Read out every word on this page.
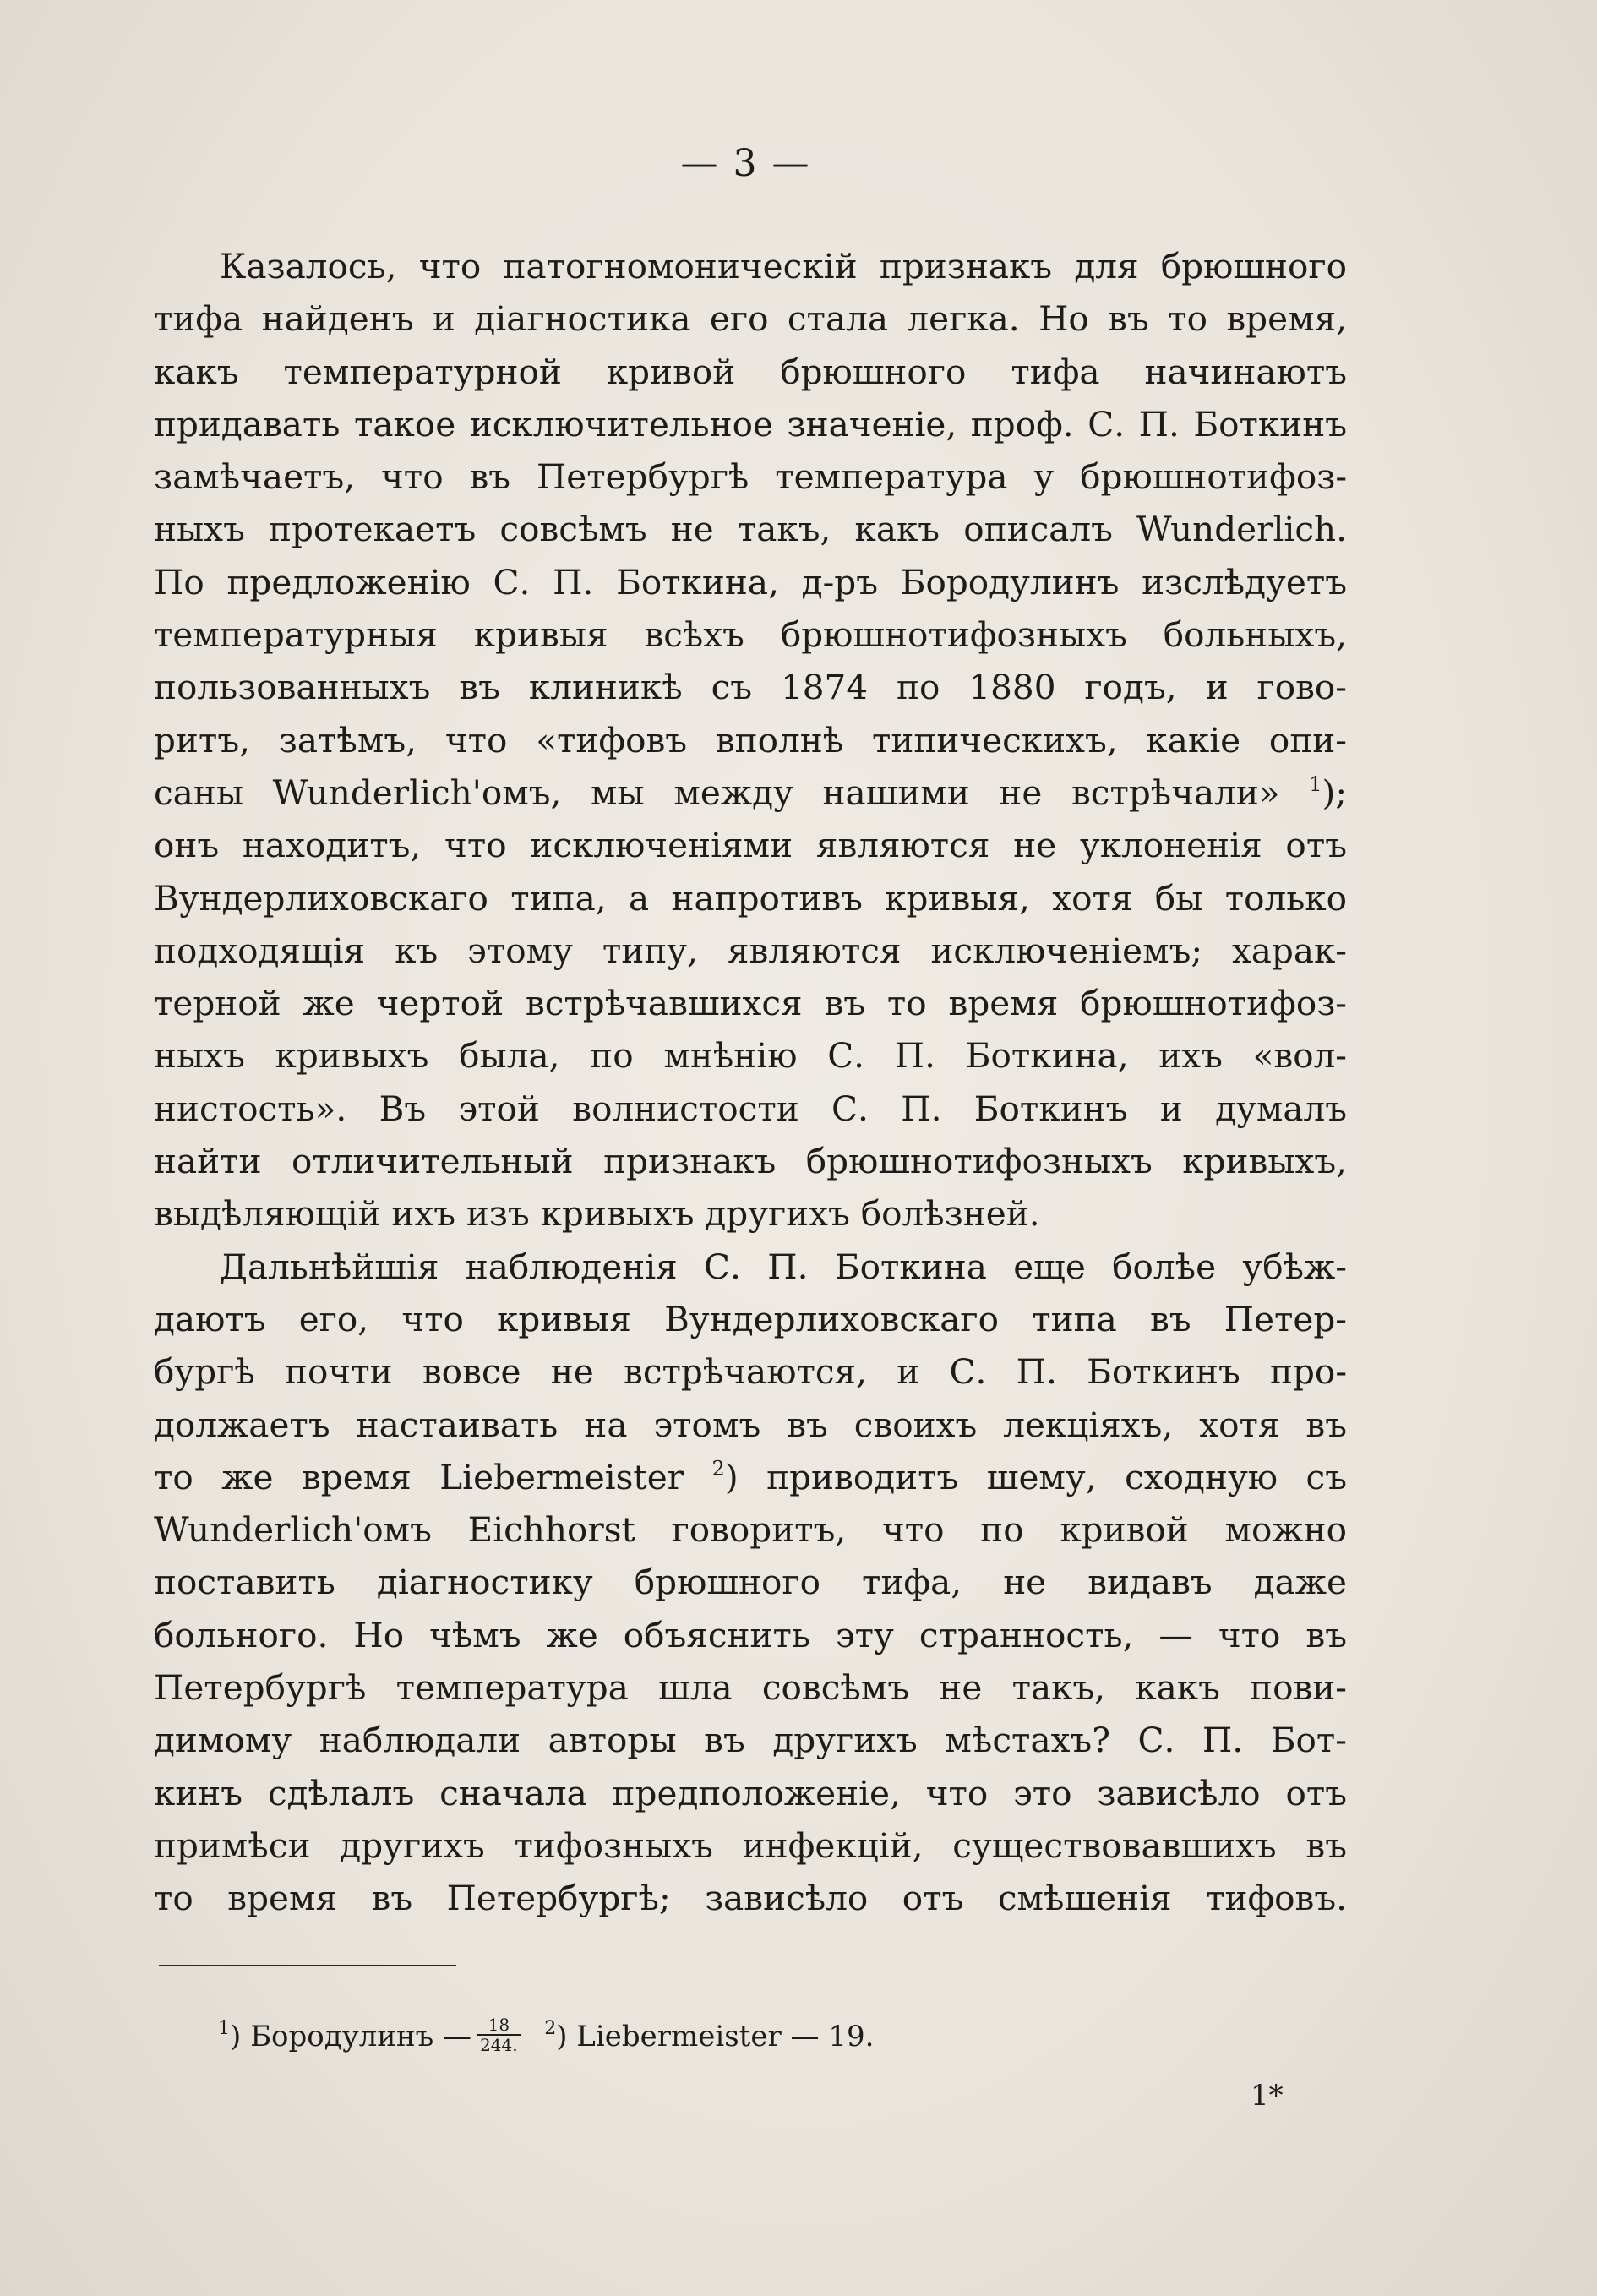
— 3 —
Казалось, что патогномоническій признакъ для брюшного
тифа найденъ и діагностика его стала легка. Но въ то время,
какъ температурной кривой брюшного тифа начинаютъ
придавать такое исключительное значеніе, проф. С. П. Боткинъ
замѣчаетъ, что въ Петербургѣ температура у брюшнотифоз-
ныхъ протекаетъ совсѣмъ не такъ, какъ описалъ Wunderlich.
По предложенію С. П. Боткина, д-ръ Бородулинъ изслѣдуетъ
температурныя кривыя всѣхъ брюшнотифозныхъ больныхъ,
пользованныхъ въ клиникѣ съ 1874 по 1880 годъ, и гово-
ритъ, затѣмъ, что «тифовъ вполнѣ типическихъ, какіе опи-
саны Wunderlich'омъ, мы между нашими не встрѣчали» $^1$);
онъ находитъ, что исключеніями являются не уклоненія отъ
Вундерлиховскаго типа, а напротивъ кривыя, хотя бы только
подходящія къ этому типу, являются исключеніемъ; харак-
терной же чертой встрѣчавшихся въ то время брюшнотифоз-
ныхъ кривыхъ была, по мнѣнію С. П. Боткина, ихъ «вол-
нистость». Въ этой волнистости С. П. Боткинъ и думалъ
найти отличительный признакъ брюшнотифозныхъ кривыхъ,
выдѣляющій ихъ изъ кривыхъ другихъ болѣзней.
Дальнѣйшія наблюденія С. П. Боткина еще болѣе убѣж-
даютъ его, что кривыя Вундерлиховскаго типа въ Петер-
бургѣ почти вовсе не встрѣчаются, и С. П. Боткинъ про-
должаетъ настаивать на этомъ въ своихъ лекціяхъ, хотя въ
то же время Liebermeister $^2$) приводитъ шему, сходную съ
Wunderlich'омъ Eichhorst говоритъ, что по кривой можно
поставить діагностику брюшного тифа, не видавъ даже
больного. Но чѣмъ же объяснить эту странность, — что въ
Петербургѣ температура шла совсѣмъ не такъ, какъ пови-
димому наблюдали авторы въ другихъ мѣстахъ? С. П. Бот-
кинъ сдѣлалъ сначала предположеніе, что это зависѣло отъ
примѣси другихъ тифозныхъ инфекцій, существовавшихъ въ
то время въ Петербургѣ; зависѣло отъ смѣшенія тифовъ.
$^1$) Бородулинъ — $\frac{18}{244.} ^2$) Liebermeister — 19.
1*
